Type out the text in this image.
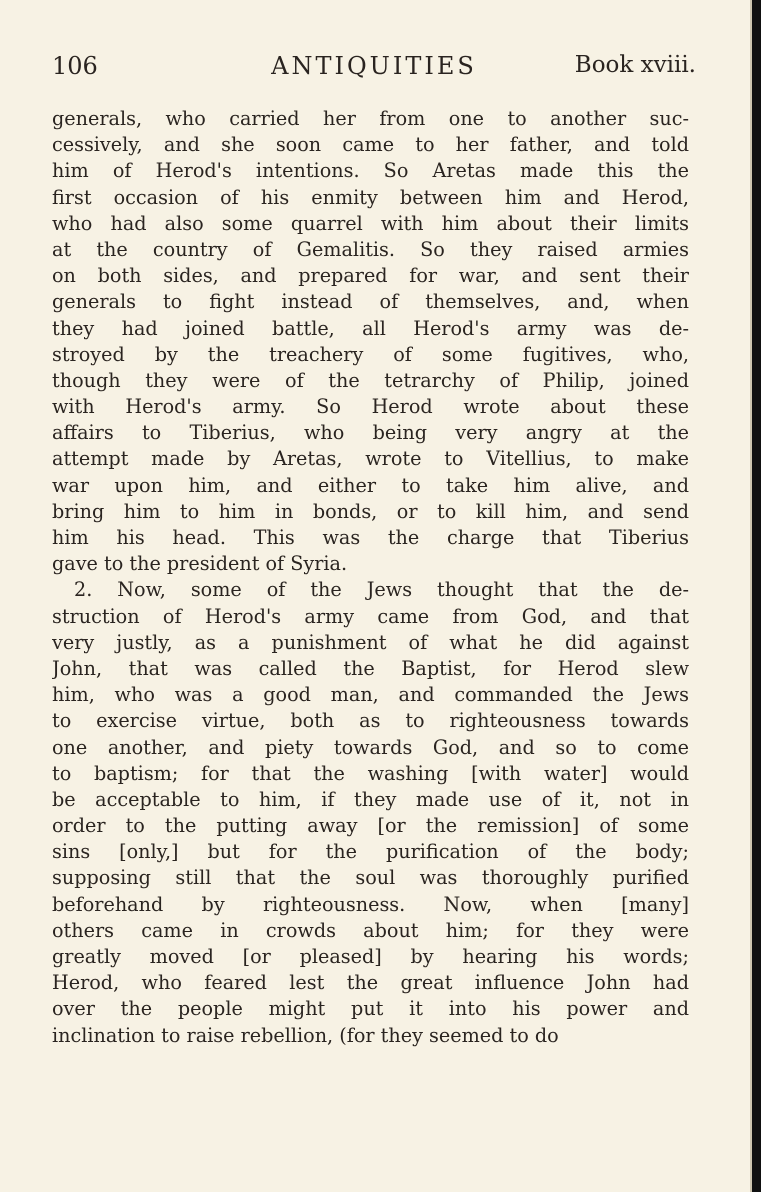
106	ANTIQUITIES	Book xviii.
generals, who carried her from one to another suc-
cessively, and she soon came to her father, and told
him of Herod's intentions. So Aretas made this the
first occasion of his enmity between him and Herod,
who had also some quarrel with him about their limits
at the country of Gemalitis. So they raised armies
on both sides, and prepared for war, and sent their
generals to fight instead of themselves, and, when
they had joined battle, all Herod's army was de-
stroyed by the treachery of some fugitives, who,
though they were of the tetrarchy of Philip, joined
with Herod's army. So Herod wrote about these
affairs to Tiberius, who being very angry at the
attempt made by Aretas, wrote to Vitellius, to make
war upon him, and either to take him alive, and
bring him to him in bonds, or to kill him, and send
him his head. This was the charge that Tiberius
gave to the president of Syria.
2. Now, some of the Jews thought that the de-
struction of Herod's army came from God, and that
very justly, as a punishment of what he did against
John, that was called the Baptist, for Herod slew
him, who was a good man, and commanded the Jews
to exercise virtue, both as to righteousness towards
one another, and piety towards God, and so to come
to baptism; for that the washing [with water] would
be acceptable to him, if they made use of it, not in
order to the putting away [or the remission] of some
sins [only,] but for the purification of the body;
supposing still that the soul was thoroughly purified
beforehand by righteousness. Now, when [many]
others came in crowds about him; for they were
greatly moved [or pleased] by hearing his words;
Herod, who feared lest the great influence John had
over the people might put it into his power and
inclination to raise rebellion, (for they seemed to do
